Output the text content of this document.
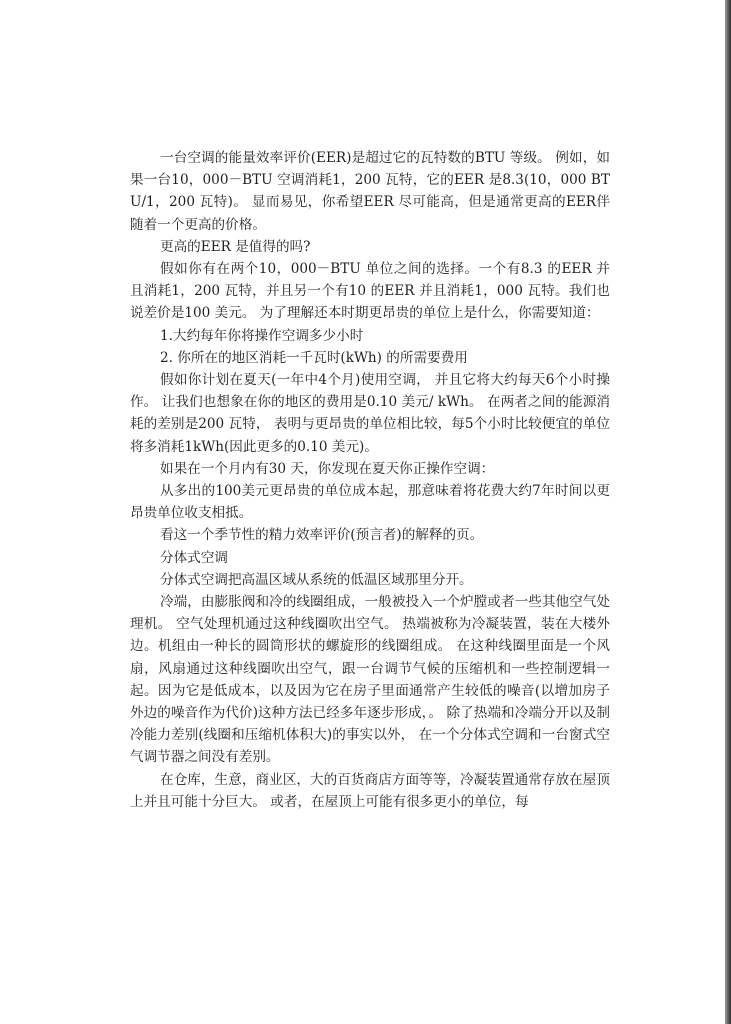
一台空调的能量效率评价(EER)是超过它的瓦特数的BTU 等级。 例如，如果一台10，000－BTU 空调消耗1，200 瓦特，它的EER 是8.3(10，000 BTU/1，200 瓦特)。 显而易见，你希望EER 尽可能高，但是通常更高的EER伴随着一个更高的价格。

更高的EER 是值得的吗?

假如你有在两个10，000－BTU 单位之间的选择。一个有8.3 的EER 并且消耗1，200 瓦特，并且另一个有10 的EER 并且消耗1，000 瓦特。我们也说差价是100 美元。 为了理解还本时期更昂贵的单位上是什么，你需要知道：

1.大约每年你将操作空调多少小时

2. 你所在的地区消耗一千瓦时(kWh) 的所需要费用

假如你计划在夏天(一年中4个月)使用空调， 并且它将大约每天6个小时操作。 让我们也想象在你的地区的费用是0.10 美元/ kWh。 在两者之间的能源消耗的差别是200 瓦特， 表明与更昂贵的单位相比较，每5个小时比较便宜的单位将多消耗1kWh(因此更多的0.10 美元)。

如果在一个月内有30 天，你发现在夏天你正操作空调：

从多出的100美元更昂贵的单位成本起，那意味着将花费大约7年时间以更昂贵单位收支相抵。

看这一个季节性的精力效率评价(预言者)的解释的页。

分体式空调

分体式空调把高温区域从系统的低温区域那里分开。

冷端，由膨胀阀和冷的线圈组成，一般被投入一个炉膛或者一些其他空气处理机。 空气处理机通过这种线圈吹出空气。 热端被称为冷凝装置，装在大楼外边。机组由一种长的圆筒形状的螺旋形的线圈组成。 在这种线圈里面是一个风扇，风扇通过这种线圈吹出空气，跟一台调节气候的压缩机和一些控制逻辑一起。因为它是低成本，以及因为它在房子里面通常产生较低的噪音(以增加房子外边的噪音作为代价)这种方法已经多年逐步形成，。 除了热端和冷端分开以及制冷能力差别(线圈和压缩机体积大)的事实以外， 在一个分体式空调和一台窗式空气调节器之间没有差别。

在仓库，生意，商业区，大的百货商店方面等等，冷凝装置通常存放在屋顶上并且可能十分巨大。 或者，在屋顶上可能有很多更小的单位，每
